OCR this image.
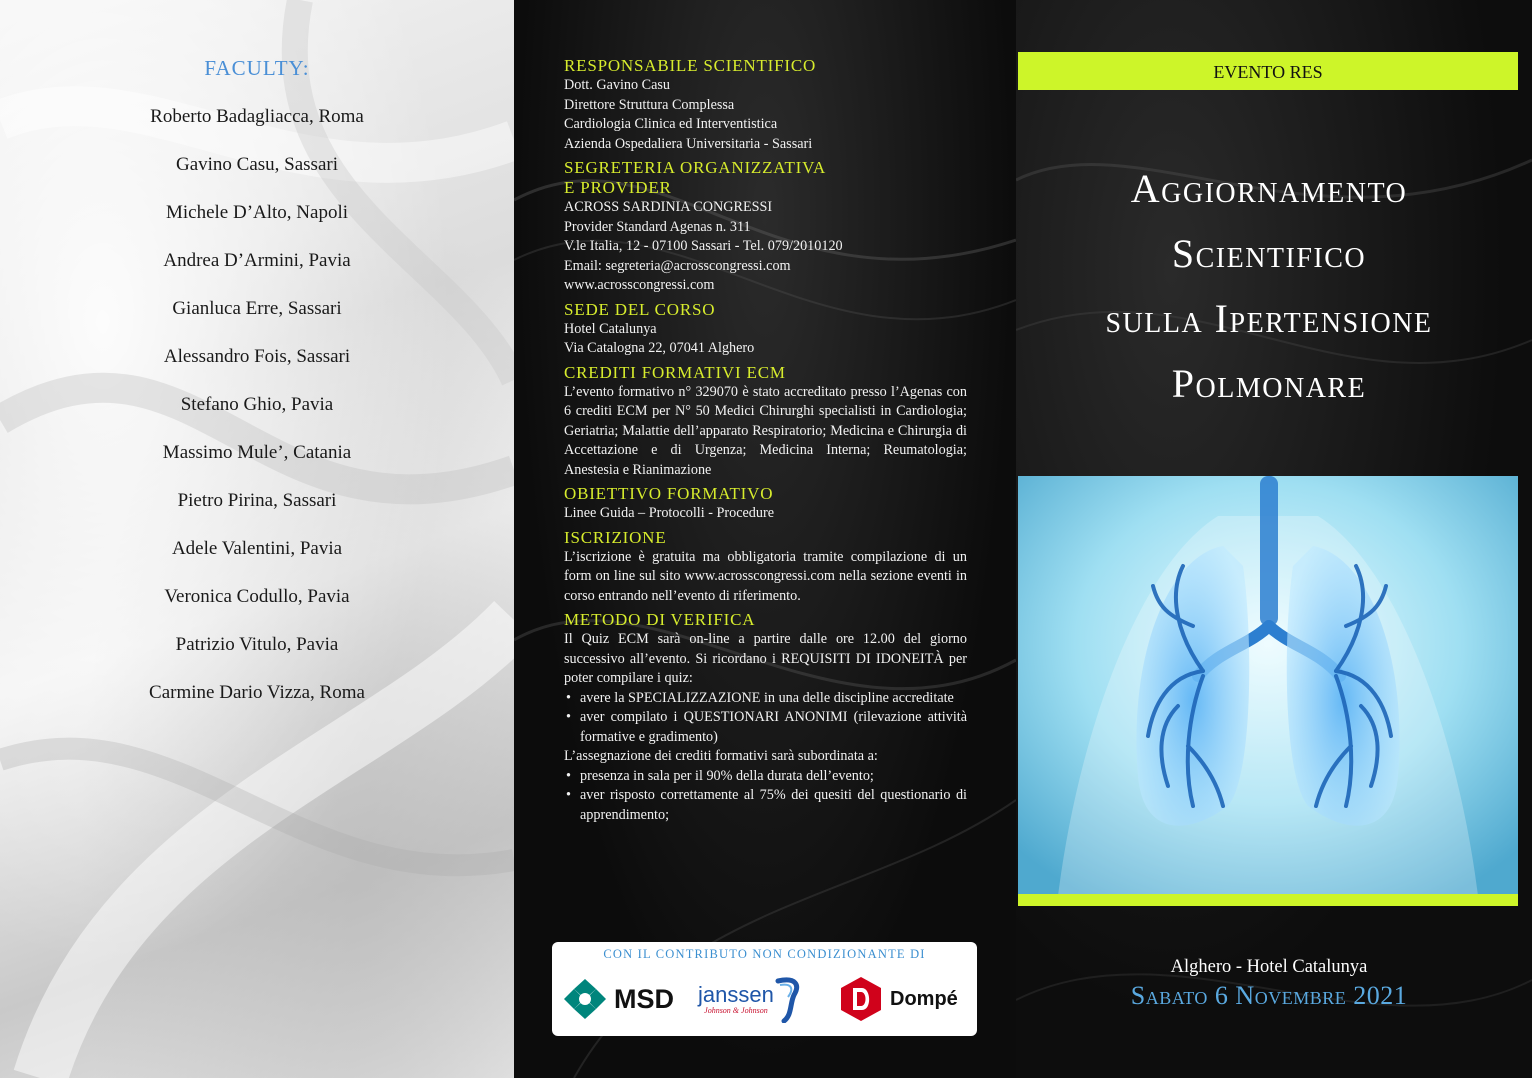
FACULTY:
Roberto Badagliacca, Roma
Gavino Casu, Sassari
Michele D’Alto, Napoli
Andrea D’Armini, Pavia
Gianluca Erre, Sassari
Alessandro Fois, Sassari
Stefano Ghio, Pavia
Massimo Mule’, Catania
Pietro Pirina, Sassari
Adele Valentini, Pavia
Veronica Codullo, Pavia
Patrizio Vitulo, Pavia
Carmine Dario Vizza, Roma
RESPONSABILE SCIENTIFICO

Dott. Gavino Casu

Direttore Struttura Complessa

Cardiologia Clinica ed Interventistica

Azienda Ospedaliera Universitaria - Sassari

SEGRETERIA ORGANIZZATIVA
E PROVIDER

ACROSS SARDINIA CONGRESSI

Provider Standard Agenas n. 311

V.le Italia, 12 - 07100 Sassari - Tel. 079/2010120

Email: segreteria@acrosscongressi.com

www.acrosscongressi.com

SEDE DEL CORSO

Hotel Catalunya

Via Catalogna 22, 07041 Alghero

CREDITI FORMATIVI ECM

L’evento formativo n° 329070 è stato accreditato presso l’Agenas con 6 crediti ECM per N° 50 Medici Chirurghi specialisti in Cardiologia; Geriatria; Malattie dell’apparato Respiratorio; Medicina e Chirurgia di Accettazione e di Urgenza; Medicina Interna; Reumatologia; Anestesia e Rianimazione

OBIETTIVO FORMATIVO

Linee Guida – Protocolli - Procedure

ISCRIZIONE

L’iscrizione è gratuita ma obbligatoria tramite compilazione di un form on line sul sito www.acrosscongressi.com nella sezione eventi in corso entrando nell’evento di riferimento.

METODO DI VERIFICA

Il Quiz ECM sarà on-line a partire dalle ore 12.00 del giorno successivo all’evento. Si ricordano i REQUISITI DI IDONEITÀ per poter compilare i quiz:

• avere la SPECIALIZZAZIONE in una delle discipline accreditate
• aver compilato i QUESTIONARI ANONIMI (rilevazione attività formative e gradimento)

L’assegnazione dei crediti formativi sarà subordinata a:

• presenza in sala per il 90% della durata dell’evento;
• aver risposto correttamente al 75% dei quesiti del questionario di apprendimento;
CON IL CONTRIBUTO NON CONDIZIONANTE DI
MSD janssen
Johnson & Johnson
Dompé
EVENTO RES
Aggiornamento
Scientifico
sulla Ipertensione
Polmonare
Alghero - Hotel Catalunya
Sabato 6 Novembre 2021
